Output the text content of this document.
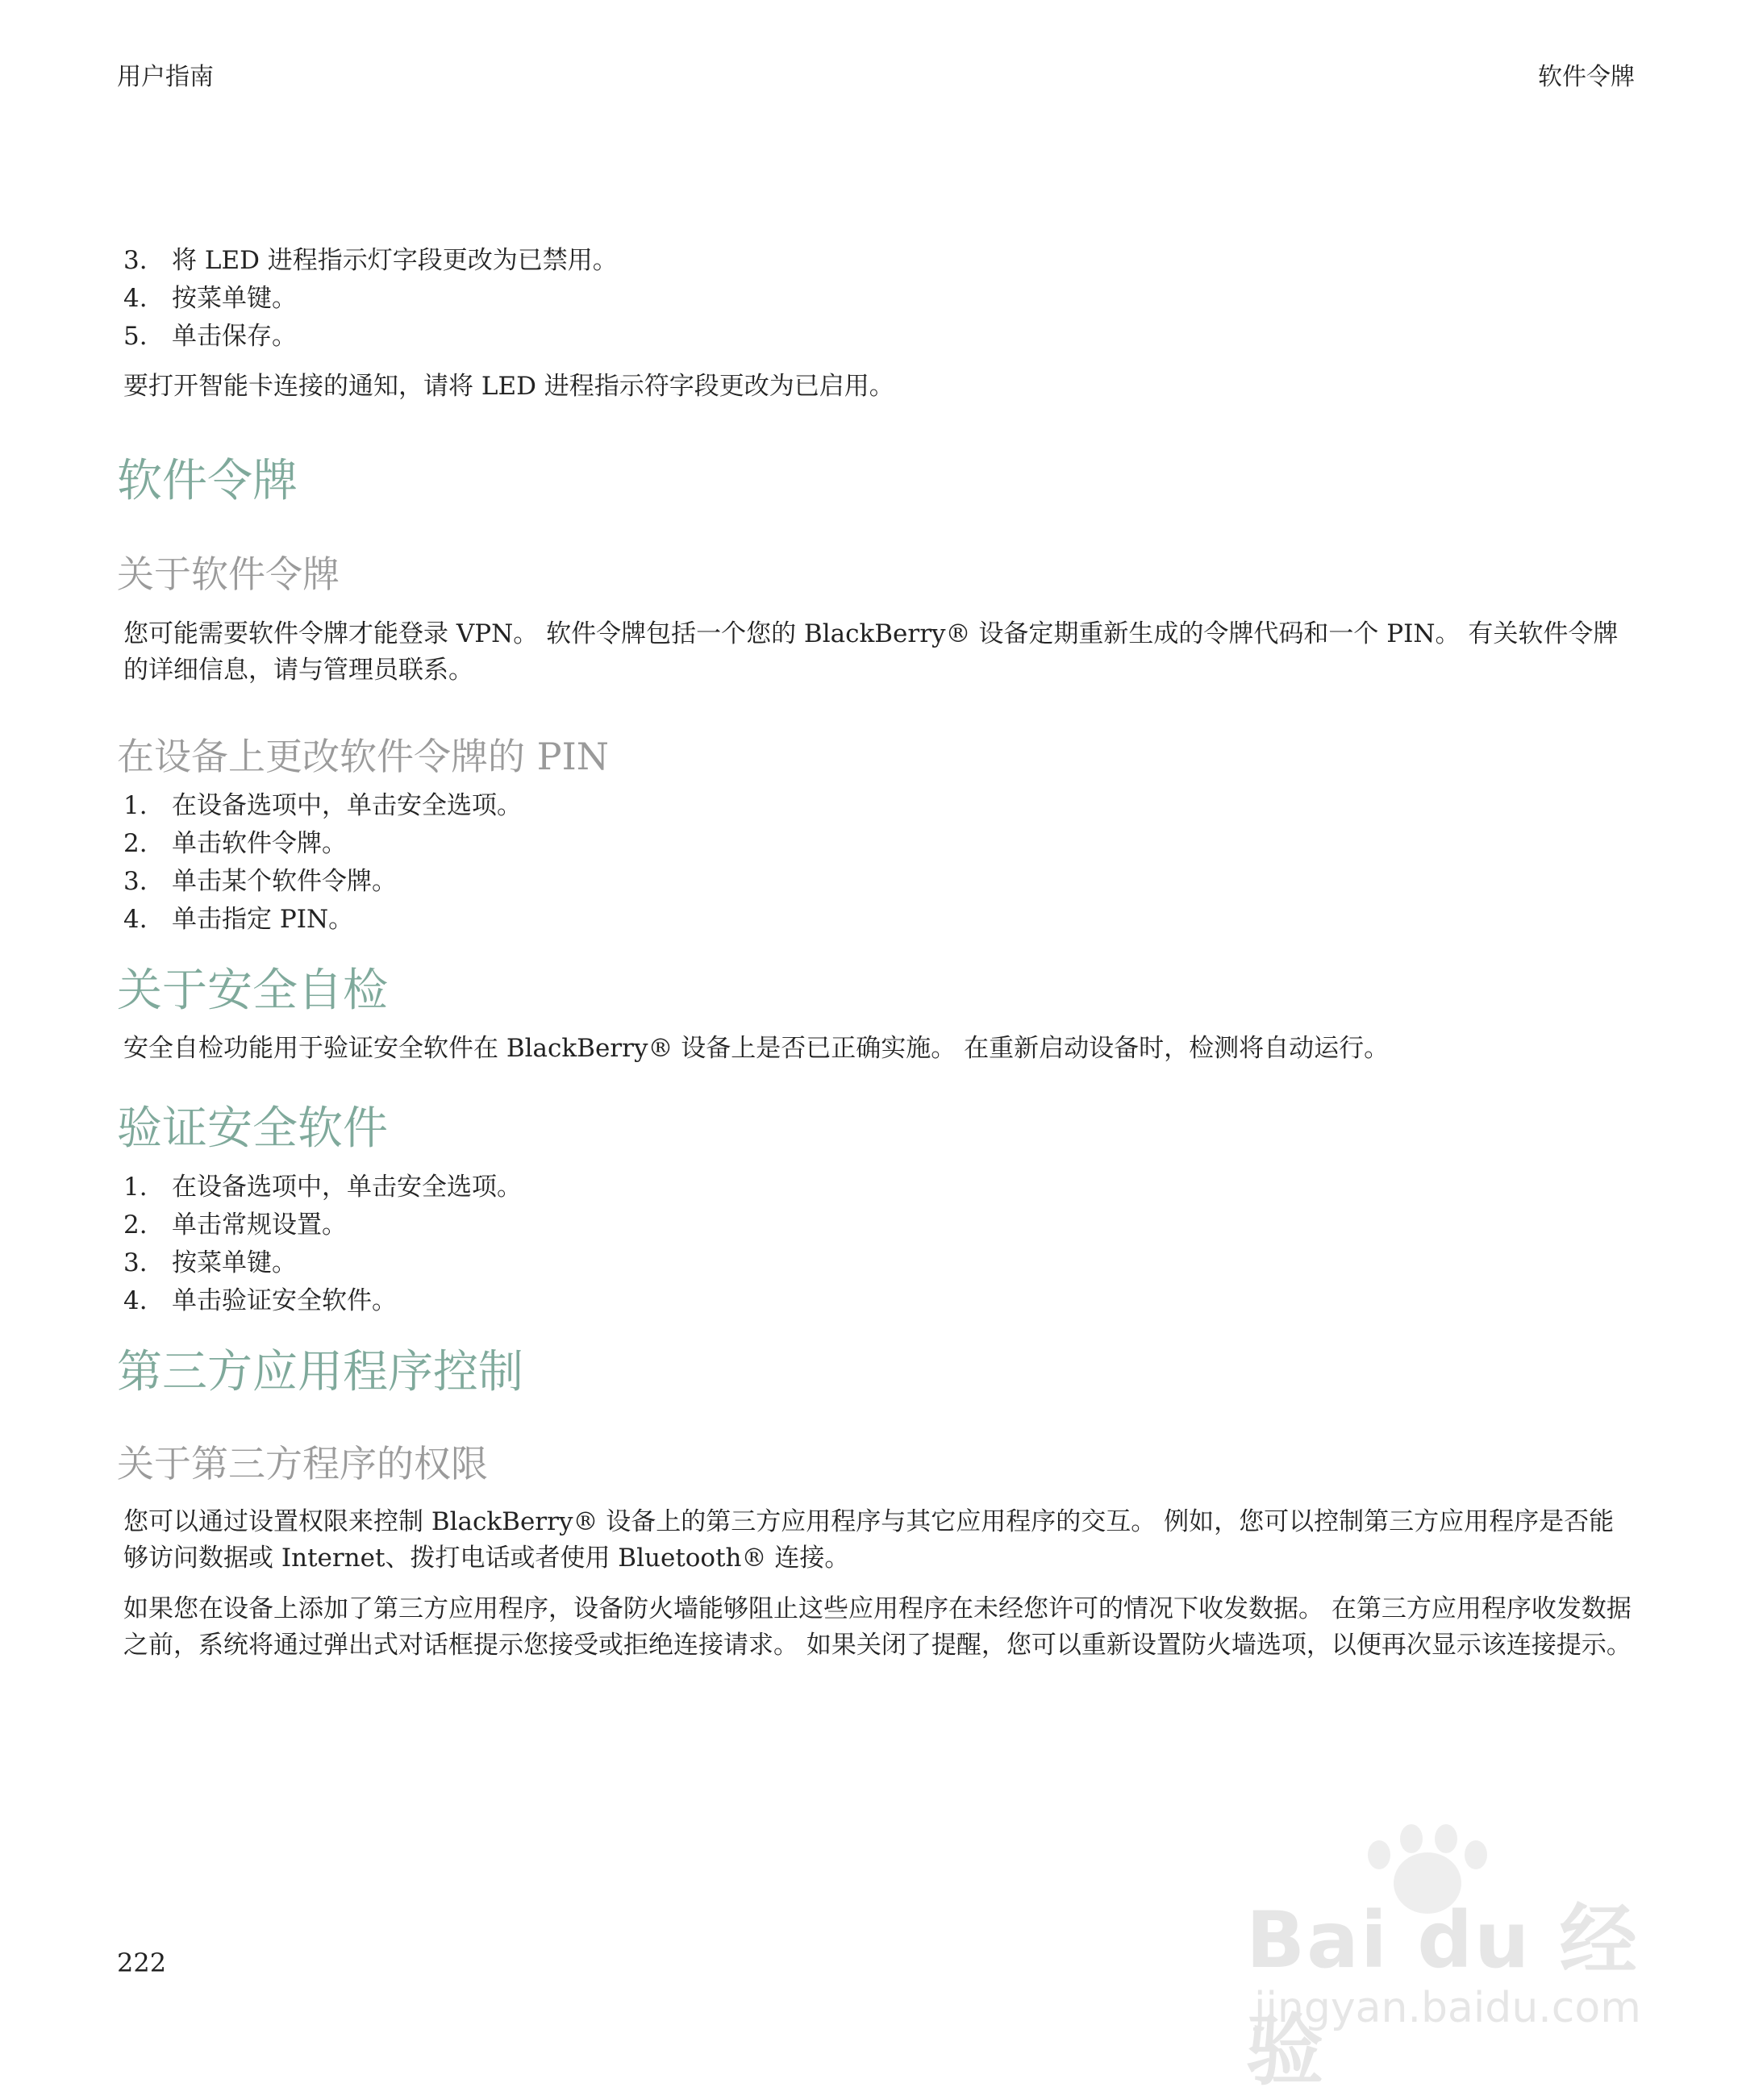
用户指南	软件令牌
3. 将 LED 进程指示灯字段更改为已禁用。
4. 按菜单键。
5. 单击保存。

要打开智能卡连接的通知，请将 LED 进程指示符字段更改为已启用。

软件令牌
关于软件令牌

您可能需要软件令牌才能登录 VPN。 软件令牌包括一个您的 BlackBerry® 设备定期重新生成的令牌代码和一个 PIN。 有关软件令牌的详细信息，请与管理员联系。

在设备上更改软件令牌的 PIN
1. 在设备选项中，单击安全选项。
2. 单击软件令牌。
3. 单击某个软件令牌。
4. 单击指定 PIN。
关于安全自检

安全自检功能用于验证安全软件在 BlackBerry® 设备上是否已正确实施。 在重新启动设备时，检测将自动运行。

验证安全软件
1. 在设备选项中，单击安全选项。
2. 单击常规设置。
3. 按菜单键。
4. 单击验证安全软件。
第三方应用程序控制
关于第三方程序的权限

您可以通过设置权限来控制 BlackBerry® 设备上的第三方应用程序与其它应用程序的交互。 例如，您可以控制第三方应用程序是否能够访问数据或 Internet、拨打电话或者使用 Bluetooth® 连接。

如果您在设备上添加了第三方应用程序，设备防火墙能够阻止这些应用程序在未经您许可的情况下收发数据。 在第三方应用程序收发数据之前，系统将通过弹出式对话框提示您接受或拒绝连接请求。 如果关闭了提醒，您可以重新设置防火墙选项，以便再次显示该连接提示。

222	Bai du 经验
jingyan.baidu.com
